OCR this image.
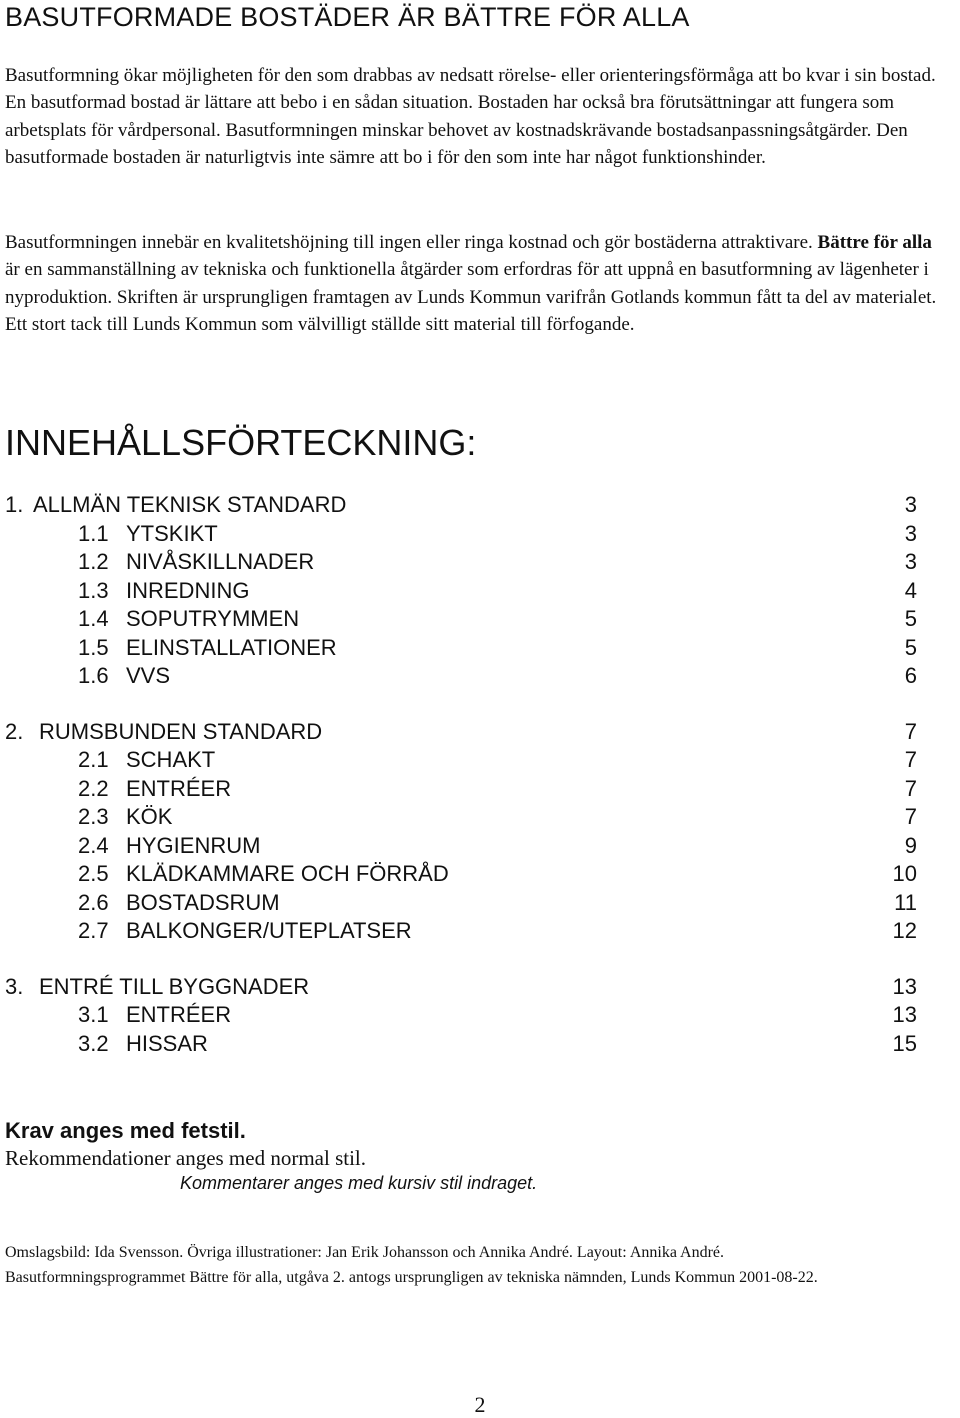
BASUTFORMADE BOSTÄDER ÄR BÄTTRE FÖR ALLA
Basutformning ökar möjligheten för den som drabbas av nedsatt rörelse- eller orienteringsförmåga att bo kvar i sin bostad. En basutformad bostad är lättare att bebo i en sådan situation. Bostaden har också bra förutsättningar att fungera som arbetsplats för vårdpersonal. Basutformningen minskar behovet av kostnadskrävande bostadsanpassningsåtgärder. Den basutformade bostaden är naturligtvis inte sämre att bo i för den som inte har något funktionshinder.
Basutformningen innebär en kvalitetshöjning till ingen eller ringa kostnad och gör bostäderna attraktivare. Bättre för alla är en sammanställning av tekniska och funktionella åtgärder som erfordras för att uppnå en basutformning av lägenheter i nyproduktion. Skriften är ursprungligen framtagen av Lunds Kommun varifrån Gotlands kommun fått ta del av materialet. Ett stort tack till Lunds Kommun som välvilligt ställde sitt material till förfogande.
INNEHÅLLSFÖRTECKNING:
1. ALLMÄN TEKNISK STANDARD	3
1.1 YTSKIKT	3
1.2 NIVÅSKILLNADER	3
1.3 INREDNING	4
1.4 SOPUTRYMMEN	5
1.5 ELINSTALLATIONER	5
1.6 VVS	6
2. RUMSBUNDEN STANDARD	7
2.1 SCHAKT	7
2.2 ENTRÉER	7
2.3 KÖK	7
2.4 HYGIENRUM	9
2.5 KLÄDKAMMARE OCH FÖRRÅD	10
2.6 BOSTADSRUM	11
2.7 BALKONGER/UTEPLATSER	12
3. ENTRÉ TILL BYGGNADER	13
3.1 ENTRÉER	13
3.2 HISSAR	15
Krav anges med fetstil.
Rekommendationer anges med normal stil.
Kommentarer anges med kursiv stil indraget.
Omslagsbild: Ida Svensson. Övriga illustrationer: Jan Erik Johansson och Annika André. Layout: Annika André.
Basutformningsprogrammet Bättre för alla, utgåva 2. antogs ursprungligen av tekniska nämnden, Lunds Kommun 2001-08-22.
2
